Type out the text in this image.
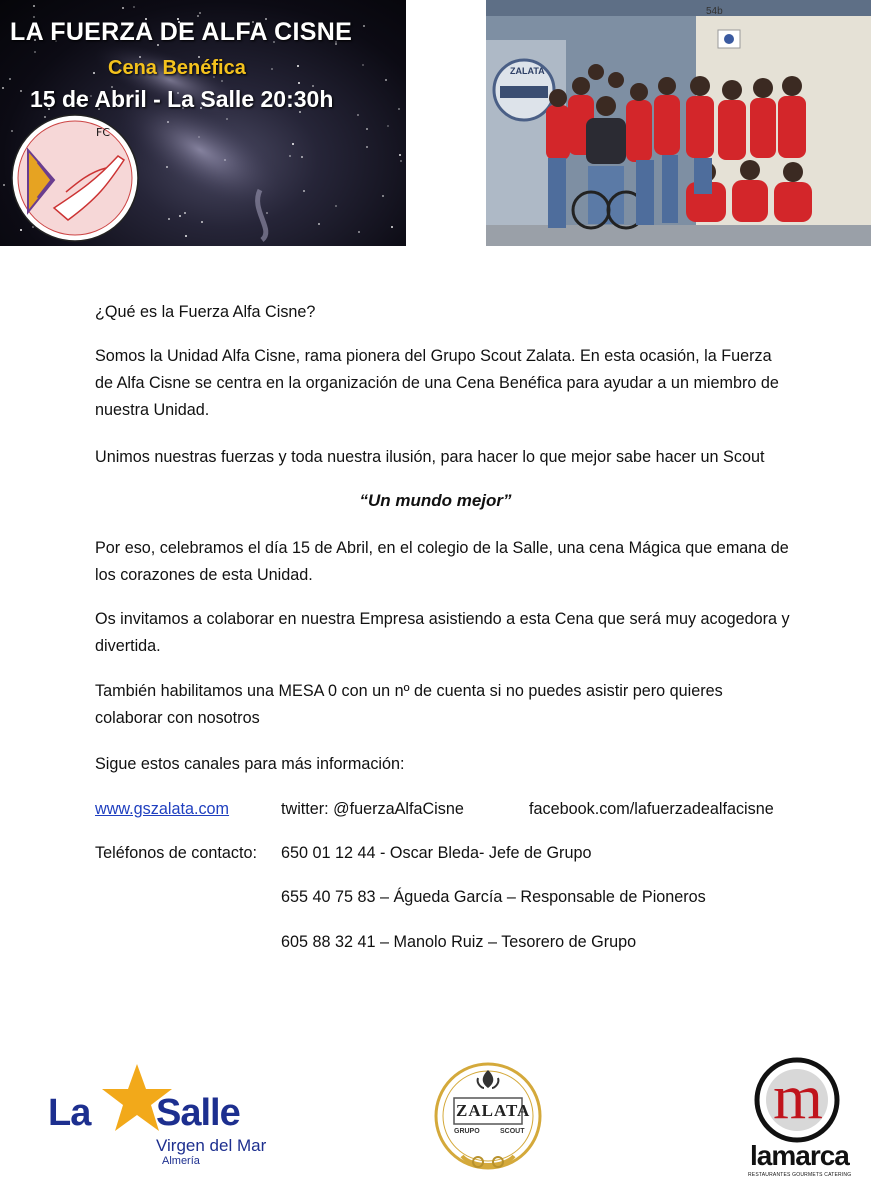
LA FUERZA DE ALFA CISNE
Cena Benéfica
15 de Abril - La Salle 20:30h
FC
54b
ZALATA

¿Qué es la Fuerza Alfa Cisne?

Somos la Unidad Alfa Cisne, rama pionera del Grupo Scout Zalata. En esta ocasión, la Fuerza

de Alfa Cisne se centra en la organización de una Cena Benéfica para ayudar a un miembro de

nuestra Unidad.

Unimos nuestras fuerzas y toda nuestra ilusión, para hacer lo que mejor sabe hacer un Scout

“Un mundo mejor”

Por eso, celebramos el día 15 de Abril, en el colegio de la Salle, una cena Mágica que emana de

los corazones de esta Unidad.

Os invitamos a colaborar en nuestra Empresa asistiendo a esta Cena que será muy acogedora y

divertida.

También habilitamos una MESA 0 con un nº de cuenta si no puedes asistir pero quieres

colaborar con nosotros

Sigue estos canales para más información:

www.gszalata.com	twitter: @fuerzaAlfaCisne	facebook.com/lafuerzadealfacisne

Teléfonos de contacto: 650 01 12 44 - Oscar Bleda- Jefe de Grupo

655 40 75 83 – Águeda García – Responsable de Pioneros

605 88 32 41 – Manolo Ruiz – Tesorero de Grupo

La Salle
Virgen del Mar
Almería
ZALATA
GRUPO	SCOUT	m
lamarca
RESTAURANTES GOURMETS CATERING
